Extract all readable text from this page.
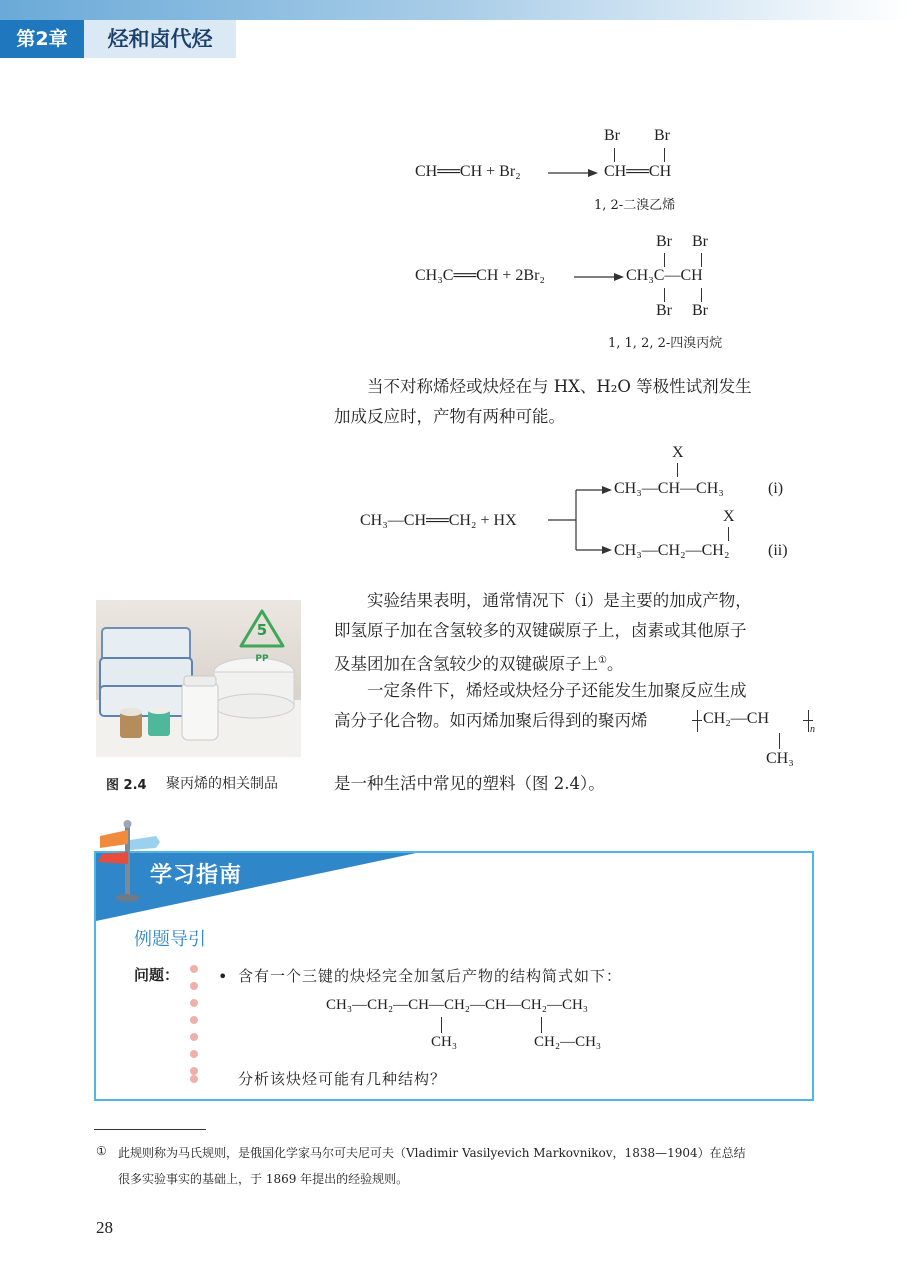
第2章	烃和卤代烃
Br Br
CH══CH + Br₂ → CH══CH
1, 2-二溴乙烯
Br Br
CH₃C══CH + 2Br₂ → CH₃C—CH
Br Br
1, 1, 2, 2-四溴丙烷

当不对称烯烃或炔烃在与 HX、H₂O 等极性试剂发生

加成反应时，产物有两种可能。

X
CH₃—CH—CH₃	(i)
CH₃—CH══CH₂ + HX	X
CH₃—CH₂—CH₂ (ii)
5
PP
图 2.4 聚丙烯的相关制品

实验结果表明，通常情况下（i）是主要的加成产物，

即氢原子加在含氢较多的双键碳原子上，卤素或其他原子

及基团加在含氢较少的双键碳原子上①。

一定条件下，烯烃或炔烃分子还能发生加聚反应生成

高分子化合物。如丙烯加聚后得到的聚丙烯	CH₂—CH
n
CH₃
是一种生活中常见的塑料（图 2.4）。
学习指南
例题导引
问题： • 含有一个三键的炔烃完全加氢后产物的结构简式如下：
CH₃—CH₂—CH—CH₂—CH—CH₂—CH₃
CH₃	CH₂—CH₃
分析该炔烃可能有几种结构？
① 此规则称为马氏规则，是俄国化学家马尔可夫尼可夫（Vladimir Vasilyevich Markovnikov，1838—1904）在总结
很多实验事实的基础上，于 1869 年提出的经验规则。
28
